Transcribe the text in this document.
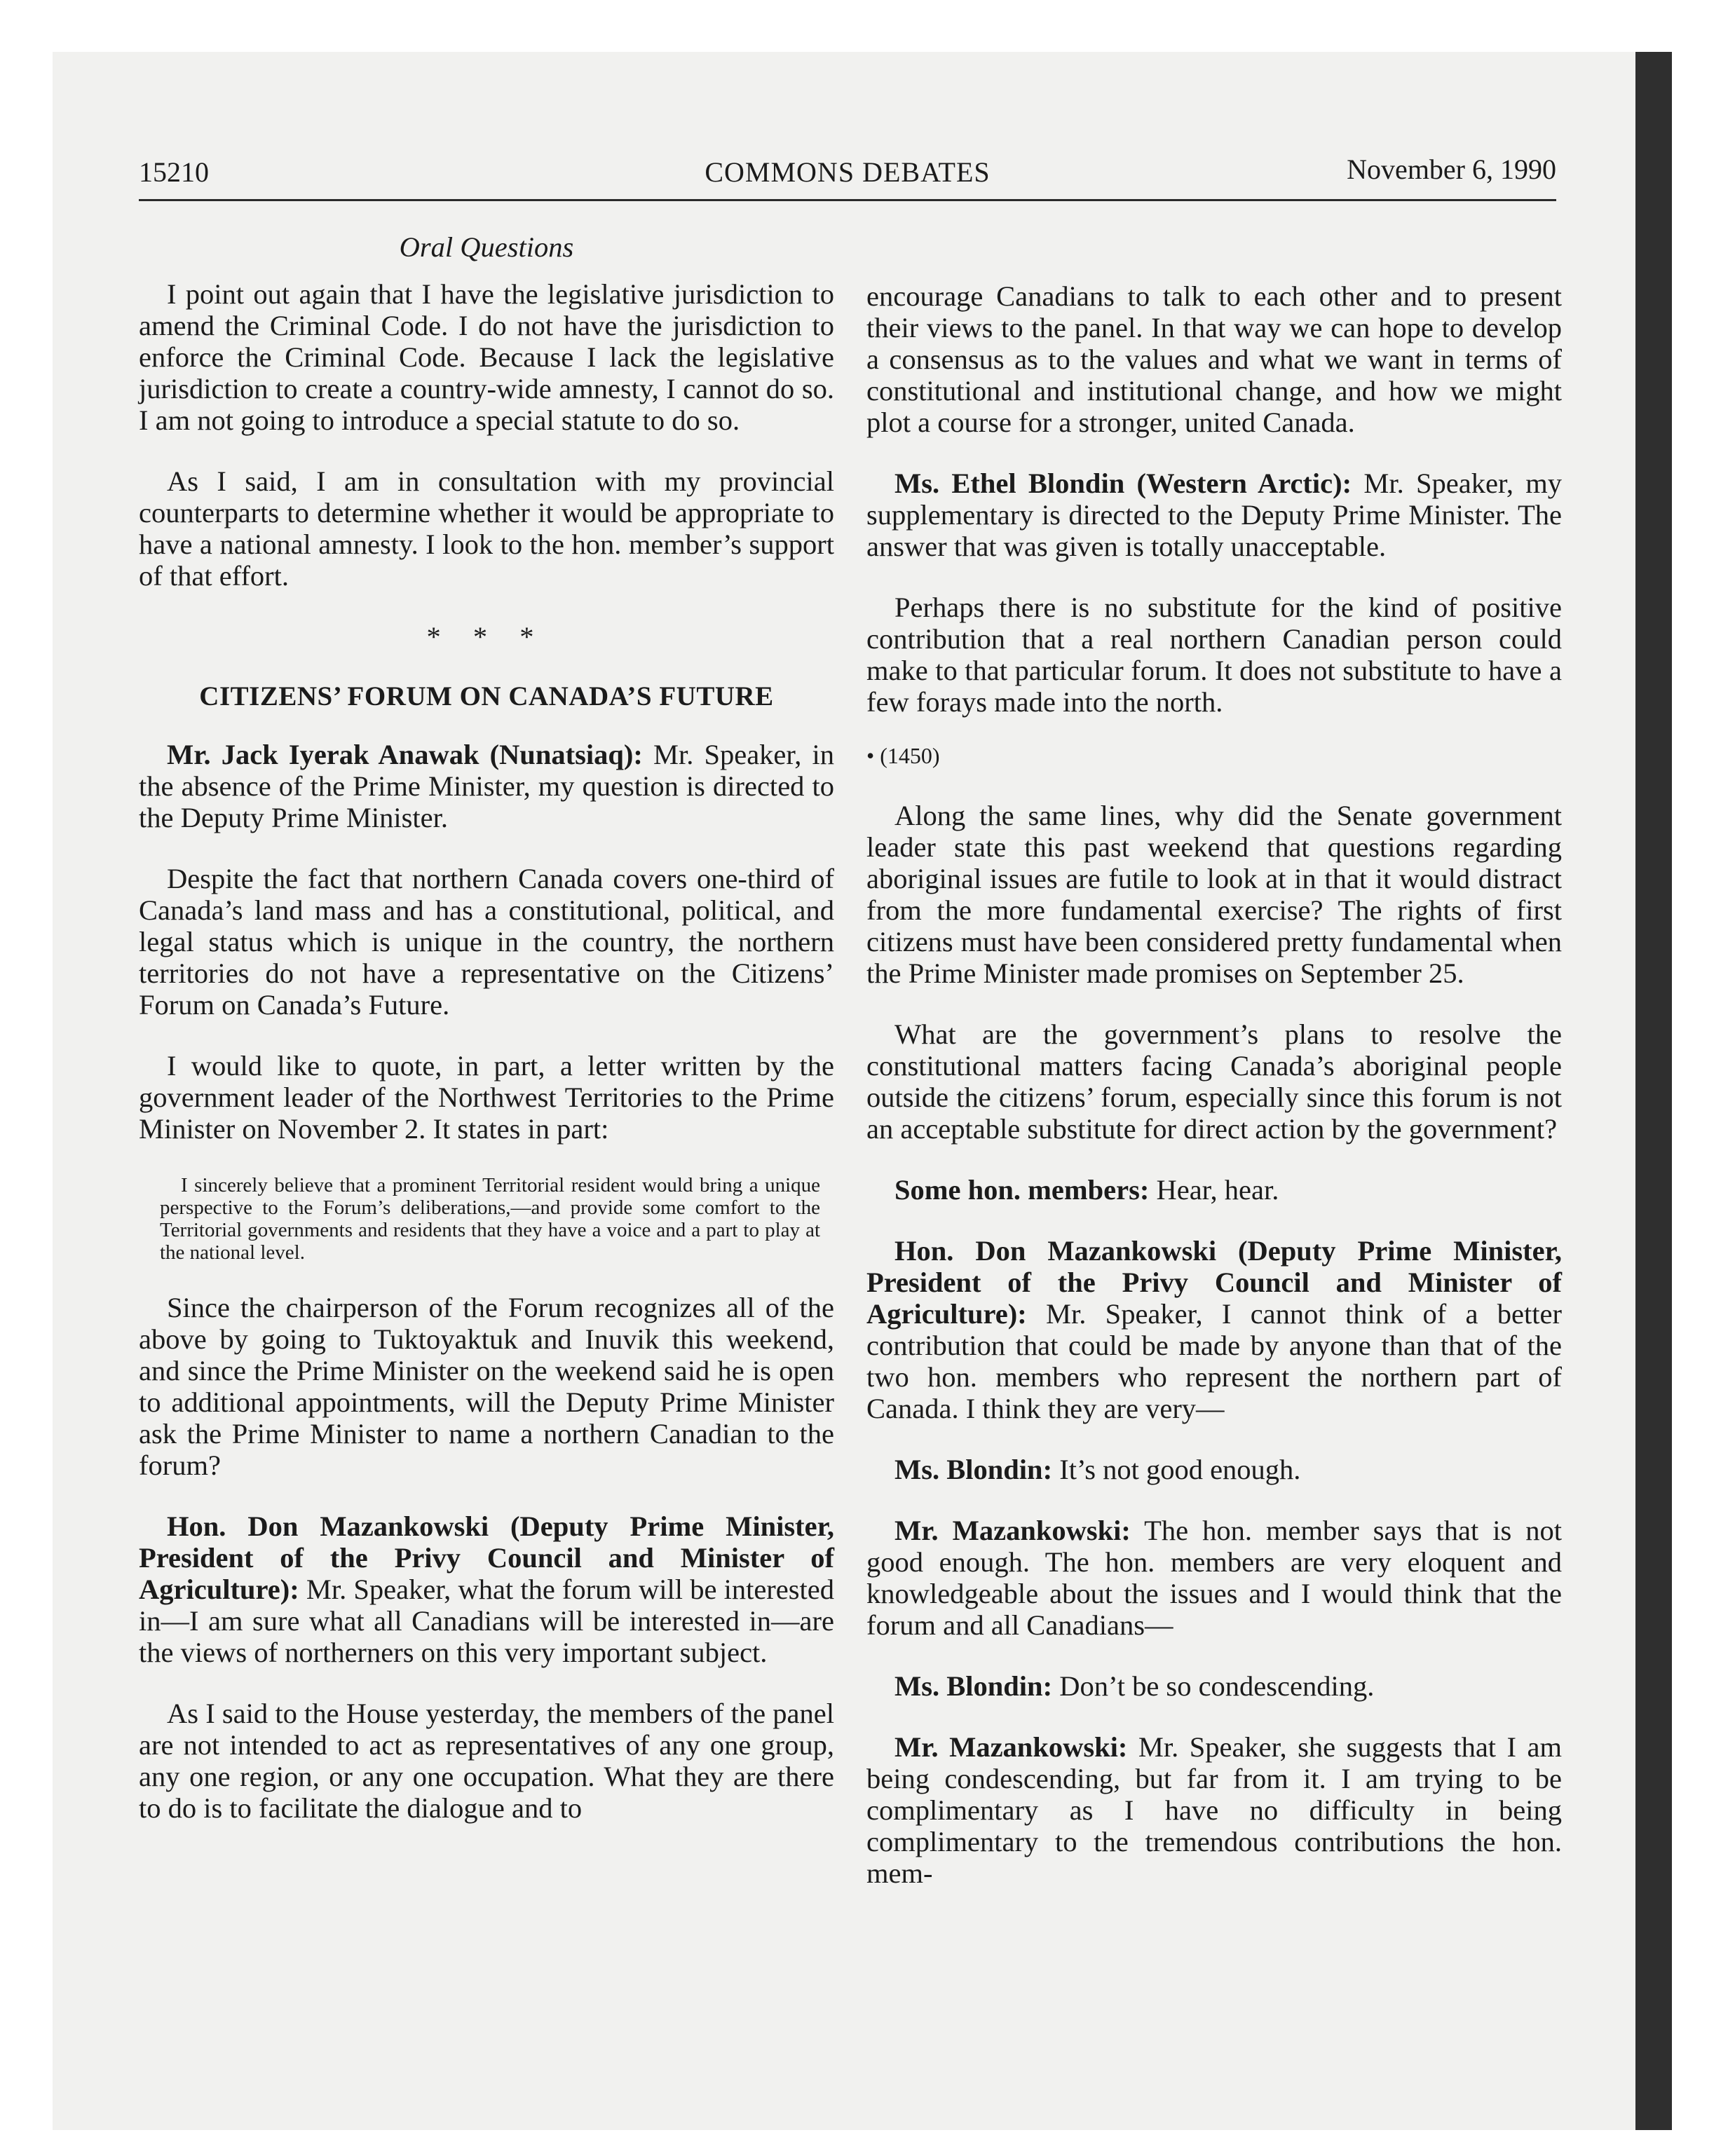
15210	COMMONS DEBATES	November 6, 1990

Oral Questions

I point out again that I have the legislative jurisdiction to amend the Criminal Code. I do not have the jurisdiction to enforce the Criminal Code. Because I lack the legislative jurisdiction to create a country-wide amnesty, I cannot do so. I am not going to introduce a special statute to do so.

As I said, I am in consultation with my provincial counterparts to determine whether it would be appropriate to have a national amnesty. I look to the hon. member’s support of that effort.

* * *

CITIZENS’ FORUM ON CANADA’S FUTURE

Mr. Jack Iyerak Anawak (Nunatsiaq): Mr. Speaker, in the absence of the Prime Minister, my question is directed to the Deputy Prime Minister.

Despite the fact that northern Canada covers one-third of Canada’s land mass and has a constitutional, political, and legal status which is unique in the country, the northern territories do not have a representative on the Citizens’ Forum on Canada’s Future.

I would like to quote, in part, a letter written by the government leader of the Northwest Territories to the Prime Minister on November 2. It states in part:

I sincerely believe that a prominent Territorial resident would bring a unique perspective to the Forum’s deliberations,—and provide some comfort to the Territorial governments and residents that they have a voice and a part to play at the national level.

Since the chairperson of the Forum recognizes all of the above by going to Tuktoyaktuk and Inuvik this weekend, and since the Prime Minister on the weekend said he is open to additional appointments, will the Deputy Prime Minister ask the Prime Minister to name a northern Canadian to the forum?

Hon. Don Mazankowski (Deputy Prime Minister, President of the Privy Council and Minister of Agriculture): Mr. Speaker, what the forum will be interested in—I am sure what all Canadians will be interested in—are the views of northerners on this very important subject.

As I said to the House yesterday, the members of the panel are not intended to act as representatives of any one group, any one region, or any one occupation. What they are there to do is to facilitate the dialogue and to

encourage Canadians to talk to each other and to present their views to the panel. In that way we can hope to develop a consensus as to the values and what we want in terms of constitutional and institutional change, and how we might plot a course for a stronger, united Canada.

Ms. Ethel Blondin (Western Arctic): Mr. Speaker, my supplementary is directed to the Deputy Prime Minister. The answer that was given is totally unacceptable.

Perhaps there is no substitute for the kind of positive contribution that a real northern Canadian person could make to that particular forum. It does not substitute to have a few forays made into the north.

• (1450)

Along the same lines, why did the Senate government leader state this past weekend that questions regarding aboriginal issues are futile to look at in that it would distract from the more fundamental exercise? The rights of first citizens must have been considered pretty fundamental when the Prime Minister made promises on September 25.

What are the government’s plans to resolve the constitutional matters facing Canada’s aboriginal people outside the citizens’ forum, especially since this forum is not an acceptable substitute for direct action by the government?

Some hon. members: Hear, hear.

Hon. Don Mazankowski (Deputy Prime Minister, President of the Privy Council and Minister of Agriculture): Mr. Speaker, I cannot think of a better contribution that could be made by anyone than that of the two hon. members who represent the northern part of Canada. I think they are very—

Ms. Blondin: It’s not good enough.

Mr. Mazankowski: The hon. member says that is not good enough. The hon. members are very eloquent and knowledgeable about the issues and I would think that the forum and all Canadians—

Ms. Blondin: Don’t be so condescending.

Mr. Mazankowski: Mr. Speaker, she suggests that I am being condescending, but far from it. I am trying to be complimentary as I have no difficulty in being complimentary to the tremendous contributions the hon. mem-
